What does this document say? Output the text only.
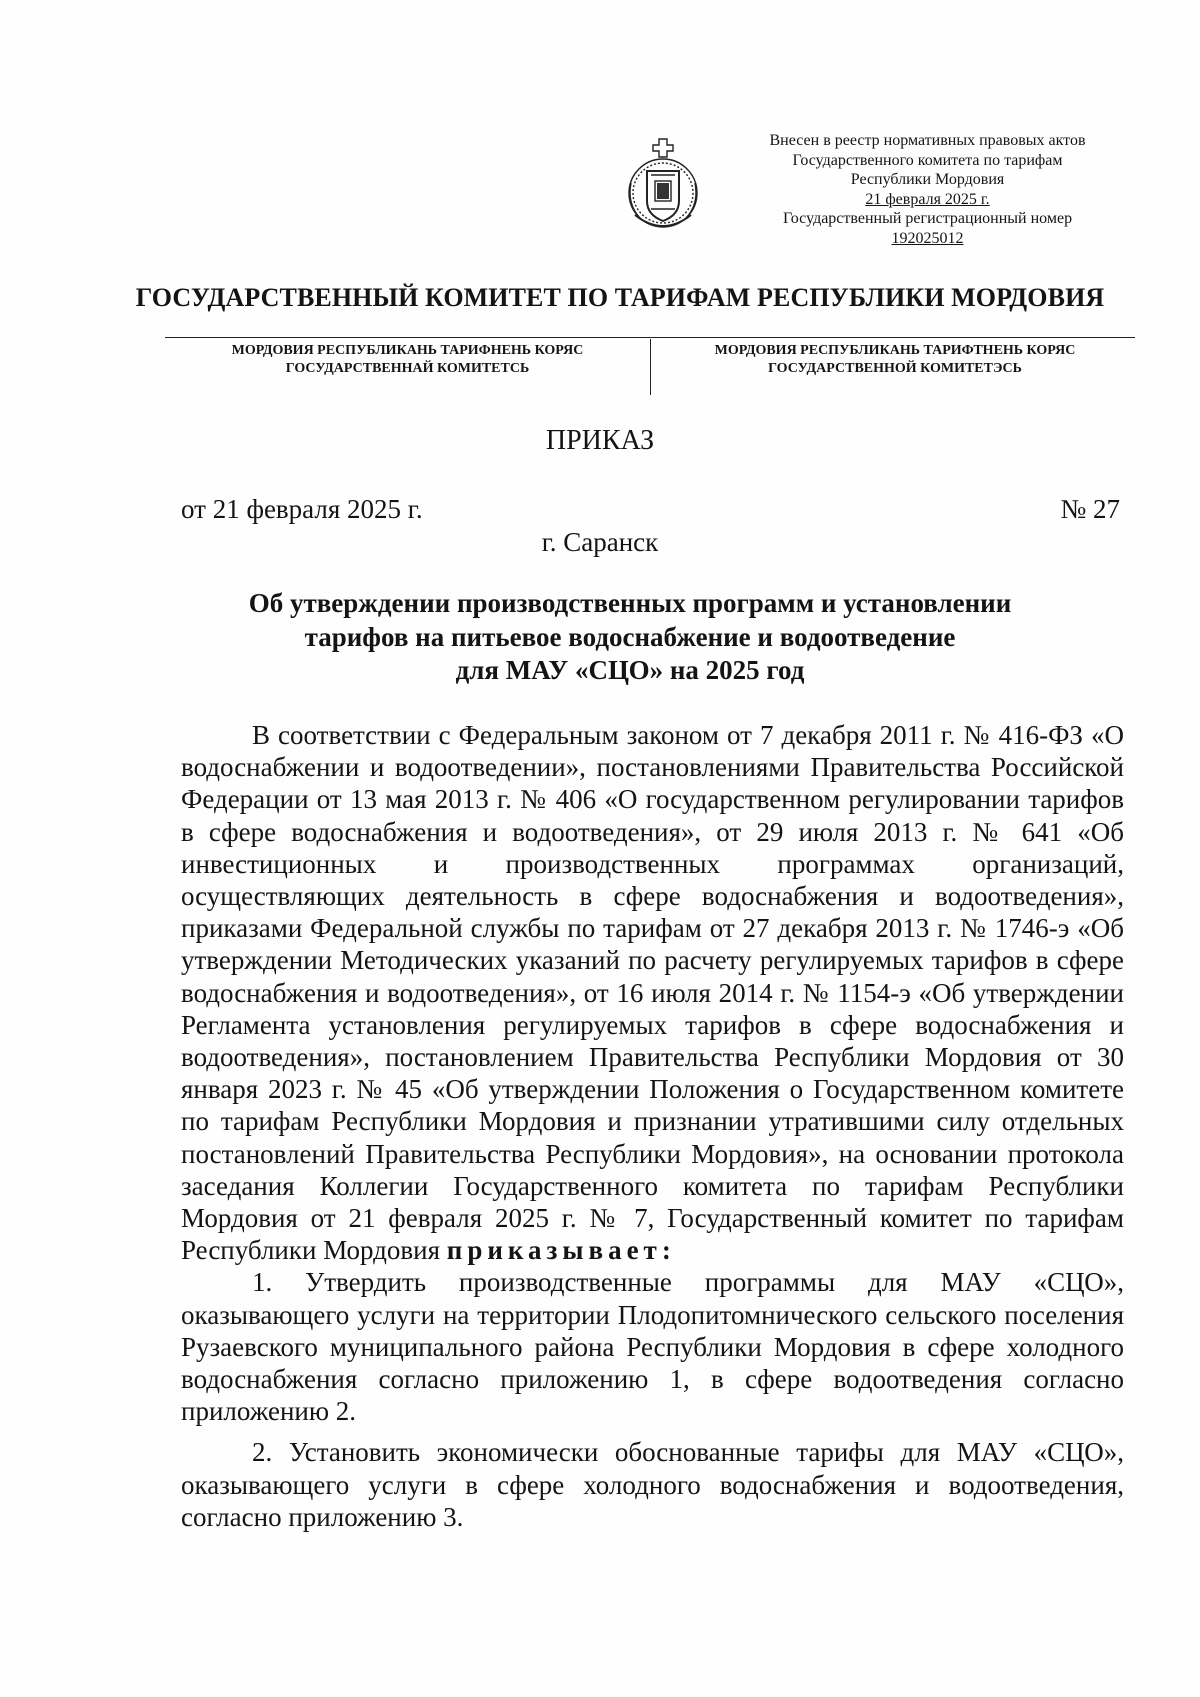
Внесен в реестр нормативных правовых актов
Государственного комитета по тарифам
Республики Мордовия
21 февраля 2025 г.
Государственный регистрационный номер
192025012
ГОСУДАРСТВЕННЫЙ КОМИТЕТ ПО ТАРИФАМ РЕСПУБЛИКИ МОРДОВИЯ
МОРДОВИЯ РЕСПУБЛИКАНЬ ТАРИФНЕНЬ КОРЯС
ГОСУДАРСТВЕННАЙ КОМИТЕТСЬ
МОРДОВИЯ РЕСПУБЛИКАНЬ ТАРИФТНЕНЬ КОРЯС
ГОСУДАРСТВЕННОЙ КОМИТЕТЭСЬ
ПРИКАЗ
от 21 февраля 2025 г.	№ 27
г. Саранск
Об утверждении производственных программ и установлении
тарифов на питьевое водоснабжение и водоотведение
для МАУ «СЦО» на 2025 год

В соответствии с Федеральным законом от 7 декабря 2011 г. № 416-ФЗ «О водоснабжении и водоотведении», постановлениями Правительства Российской Федерации от 13 мая 2013 г. № 406 «О государственном регулировании тарифов в сфере водоснабжения и водоотведения», от 29 июля 2013 г. № 641 «Об инвестиционных и производственных программах организаций, осуществляющих деятельность в сфере водоснабжения и водоотведения», приказами Федеральной службы по тарифам от 27 декабря 2013 г. № 1746-э «Об утверждении Методических указаний по расчету регулируемых тарифов в сфере водоснабжения и водоотведения», от 16 июля 2014 г. № 1154-э «Об утверждении Регламента установления регулируемых тарифов в сфере водоснабжения и водоотведения», постановлением Правительства Республики Мордовия от 30 января 2023 г. № 45 «Об утверждении Положения о Государственном комитете по тарифам Республики Мордовия и признании утратившими силу отдельных постановлений Правительства Республики Мордовия», на основании протокола заседания Коллегии Государственного комитета по тарифам Республики Мордовия от 21 февраля 2025 г. № 7, Государственный комитет по тарифам Республики Мордовия приказывает:

1. Утвердить производственные программы для МАУ «СЦО», оказывающего услуги на территории Плодопитомнического сельского поселения Рузаевского муниципального района Республики Мордовия в сфере холодного водоснабжения согласно приложению 1, в сфере водоотведения согласно приложению 2.

2. Установить экономически обоснованные тарифы для МАУ «СЦО», оказывающего услуги в сфере холодного водоснабжения и водоотведения, согласно приложению 3.
